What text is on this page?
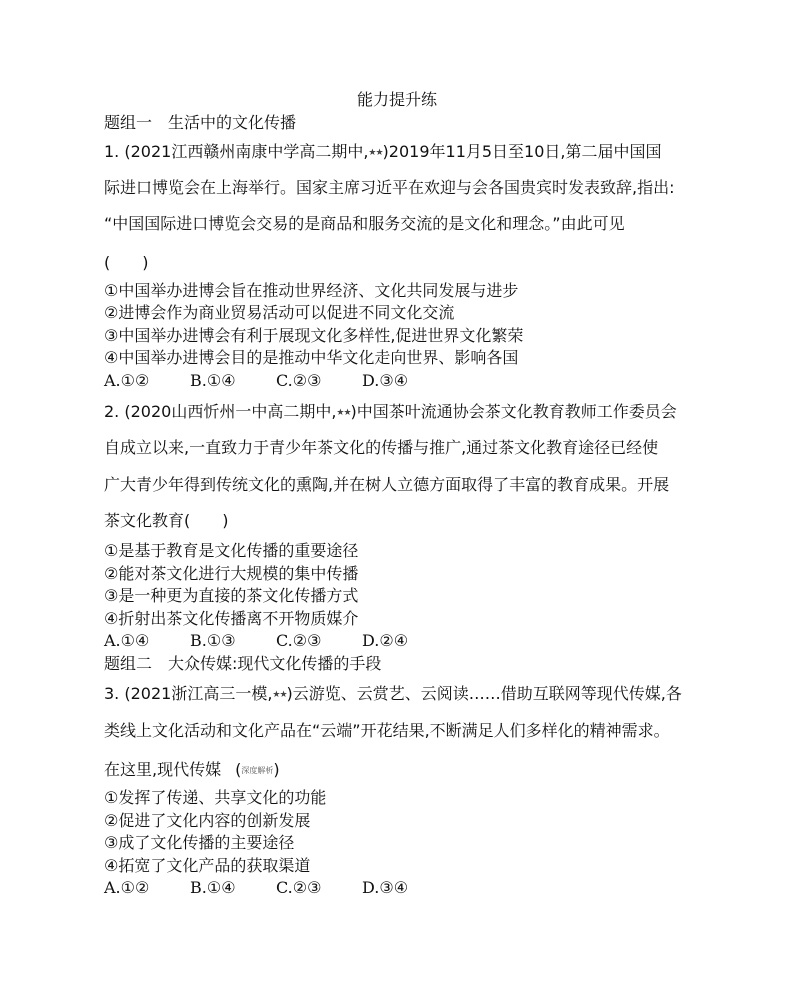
能力提升练
题组一　生活中的文化传播
1. (2021江西赣州南康中学高二期中,★★)2019年11月5日至10日,第二届中国国
际进口博览会在上海举行。国家主席习近平在欢迎与会各国贵宾时发表致辞,指出:
“中国国际进口博览会交易的是商品和服务交流的是文化和理念。”由此可见
(　　)
①中国举办进博会旨在推动世界经济、文化共同发展与进步
②进博会作为商业贸易活动可以促进不同文化交流
③中国举办进博会有利于展现文化多样性,促进世界文化繁荣
④中国举办进博会目的是推动中华文化走向世界、影响各国
A.①②	B.①④	C.②③	D.③④
2. (2020山西忻州一中高二期中,★★)中国茶叶流通协会茶文化教育教师工作委员会
自成立以来,一直致力于青少年茶文化的传播与推广,通过茶文化教育途径已经使
广大青少年得到传统文化的熏陶,并在树人立德方面取得了丰富的教育成果。开展
茶文化教育(　　)
①是基于教育是文化传播的重要途径
②能对茶文化进行大规模的集中传播
③是一种更为直接的茶文化传播方式
④折射出茶文化传播离不开物质媒介
A.①④	B.①③	C.②③	D.②④
题组二　大众传媒:现代文化传播的手段
3. (2021浙江高三一模,★★)云游览、云赏艺、云阅读……借助互联网等现代传媒,各
类线上文化活动和文化产品在“云端”开花结果,不断满足人们多样化的精神需求。
在这里,现代传媒 (深度解析)
①发挥了传递、共享文化的功能
②促进了文化内容的创新发展
③成了文化传播的主要途径
④拓宽了文化产品的获取渠道
A.①②	B.①④	C.②③	D.③④
